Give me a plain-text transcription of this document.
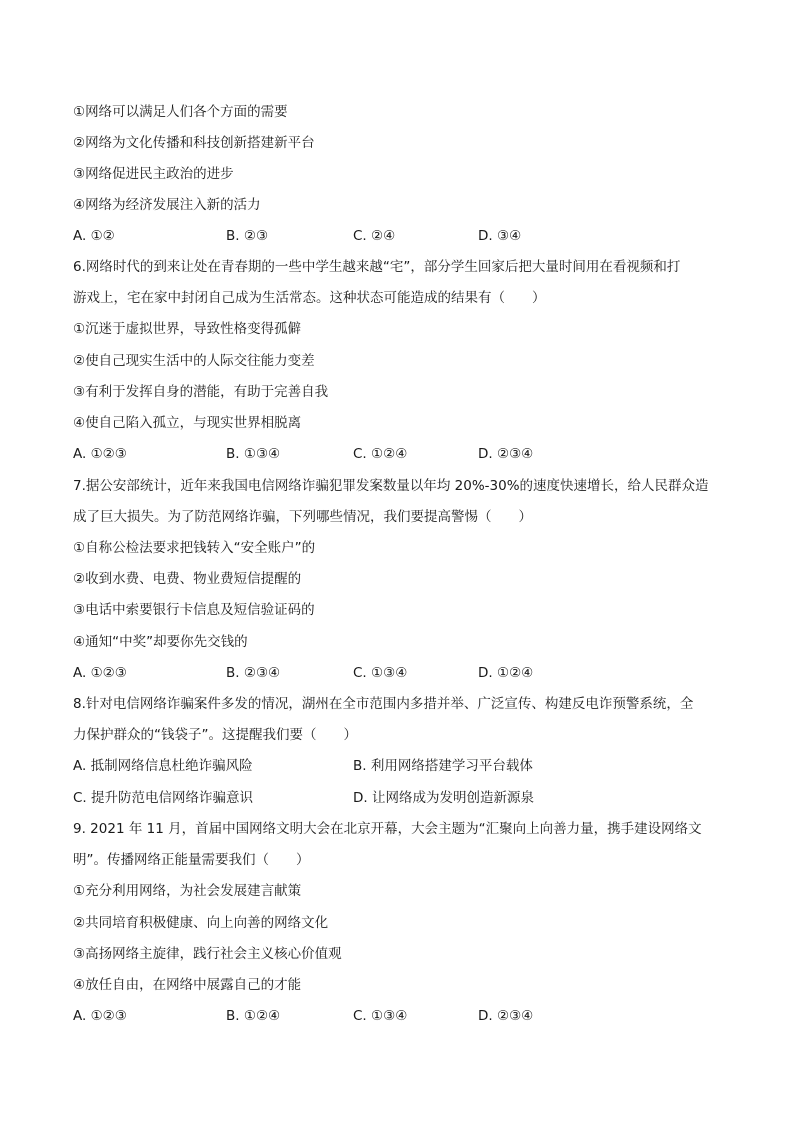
①网络可以满足人们各个方面的需要
②网络为文化传播和科技创新搭建新平台
③网络促进民主政治的进步
④网络为经济发展注入新的活力
A. ①②	B. ②③	C. ②④	D. ③④
6.网络时代的到来让处在青春期的一些中学生越来越“宅”，部分学生回家后把大量时间用在看视频和打
游戏上，宅在家中封闭自己成为生活常态。这种状态可能造成的结果有（　　）
①沉迷于虚拟世界，导致性格变得孤僻
②使自己现实生活中的人际交往能力变差
③有利于发挥自身的潜能，有助于完善自我
④使自己陷入孤立，与现实世界相脱离
A. ①②③	B. ①③④	C. ①②④	D. ②③④
7.据公安部统计，近年来我国电信网络诈骗犯罪发案数量以年均 20%-30%的速度快速增长，给人民群众造
成了巨大损失。为了防范网络诈骗，下列哪些情况，我们要提高警惕（　　）
①自称公检法要求把钱转入“安全账户”的
②收到水费、电费、物业费短信提醒的
③电话中索要银行卡信息及短信验证码的
④通知“中奖”却要你先交钱的
A. ①②③	B. ②③④	C. ①③④	D. ①②④
8.针对电信网络诈骗案件多发的情况，湖州在全市范围内多措并举、广泛宣传、构建反电诈预警系统，全
力保护群众的“钱袋子”。这提醒我们要（　　）
A. 抵制网络信息杜绝诈骗风险	B. 利用网络搭建学习平台载体
C. 提升防范电信网络诈骗意识	D. 让网络成为发明创造新源泉
9. 2021 年 11 月，首届中国网络文明大会在北京开幕，大会主题为“汇聚向上向善力量，携手建设网络文
明”。传播网络正能量需要我们（　　）
①充分利用网络，为社会发展建言献策
②共同培育积极健康、向上向善的网络文化
③高扬网络主旋律，践行社会主义核心价值观
④放任自由，在网络中展露自己的才能
A. ①②③	B. ①②④	C. ①③④	D. ②③④
